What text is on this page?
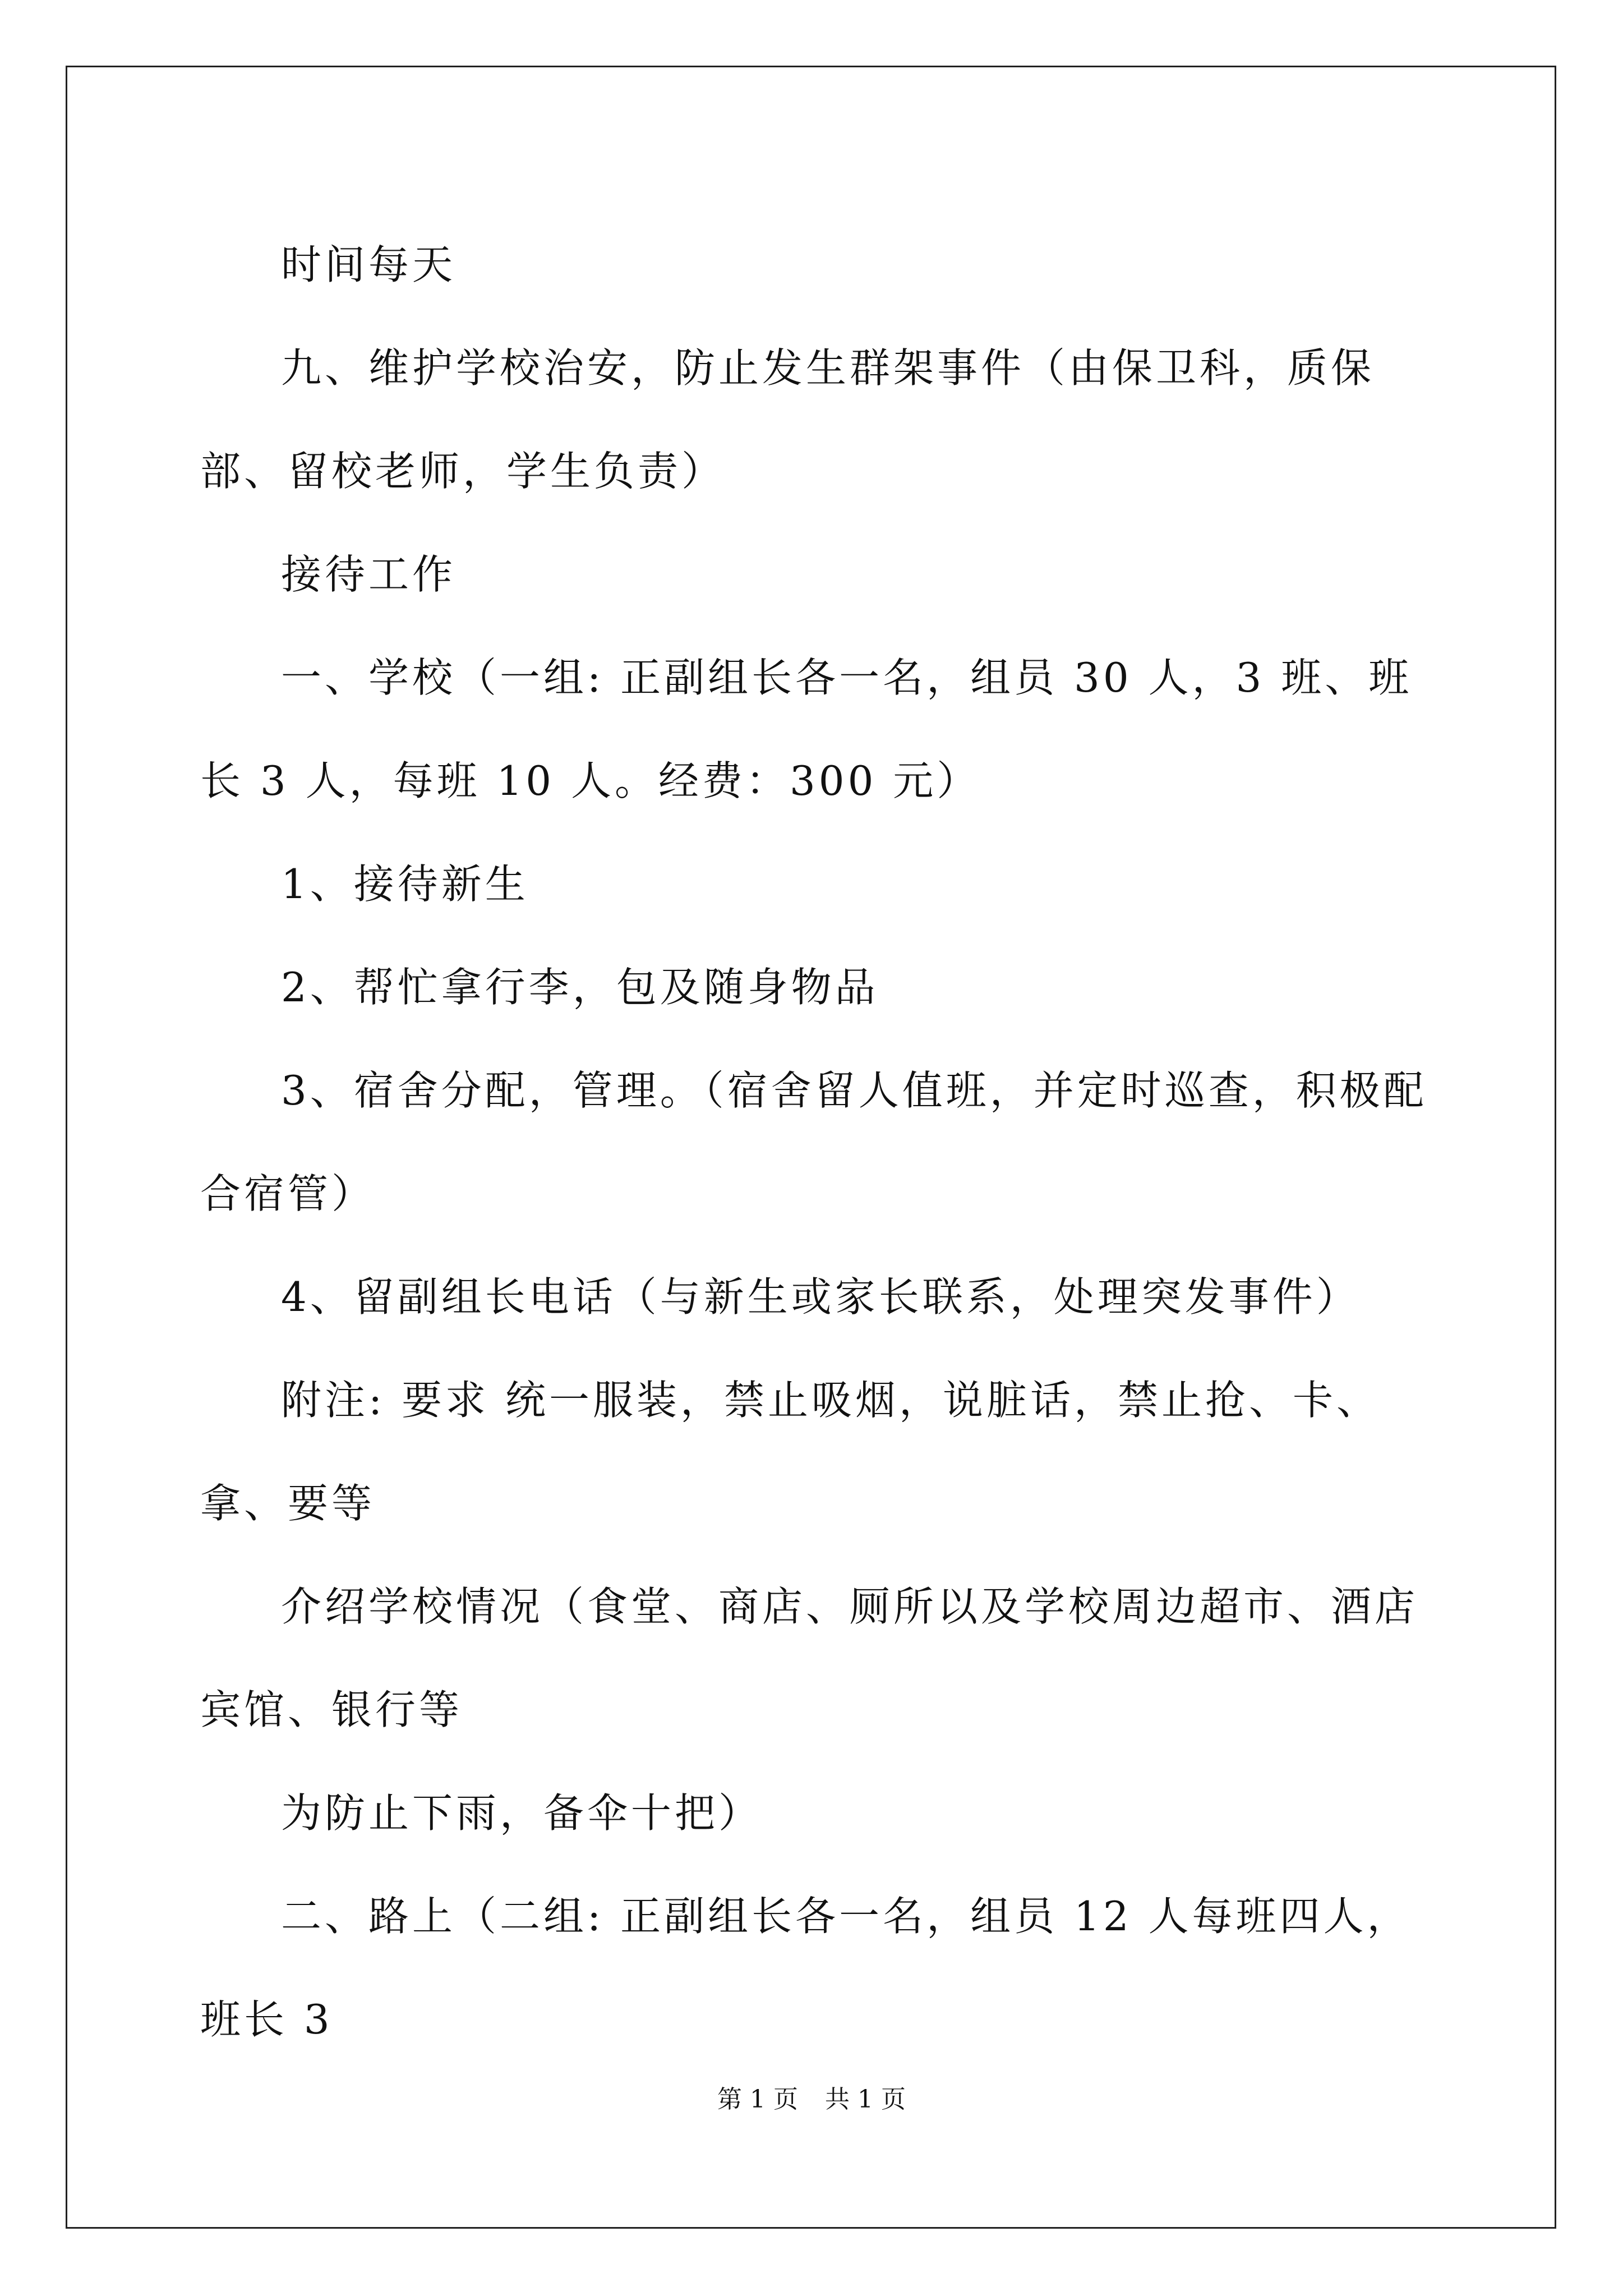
时间每天

九、维护学校治安，防止发生群架事件（由保卫科，质保部、留校老师，学生负责）

接待工作

一、学校（一组: 正副组长各一名，组员 30 人，3 班、班长 3 人，每班 10 人。经费：300 元）

1、接待新生

2、帮忙拿行李，包及随身物品

3、宿舍分配，管理。（宿舍留人值班，并定时巡查，积极配合宿管）

4、留副组长电话（与新生或家长联系，处理突发事件）

附注: 要求 统一服装，禁止吸烟，说脏话，禁止抢、卡、拿、要等

介绍学校情况（食堂、商店、厕所以及学校周边超市、酒店宾馆、银行等

为防止下雨，备伞十把）

二、路上（二组: 正副组长各一名，组员 12 人每班四人，班长 3

第 1 页 共 1 页
